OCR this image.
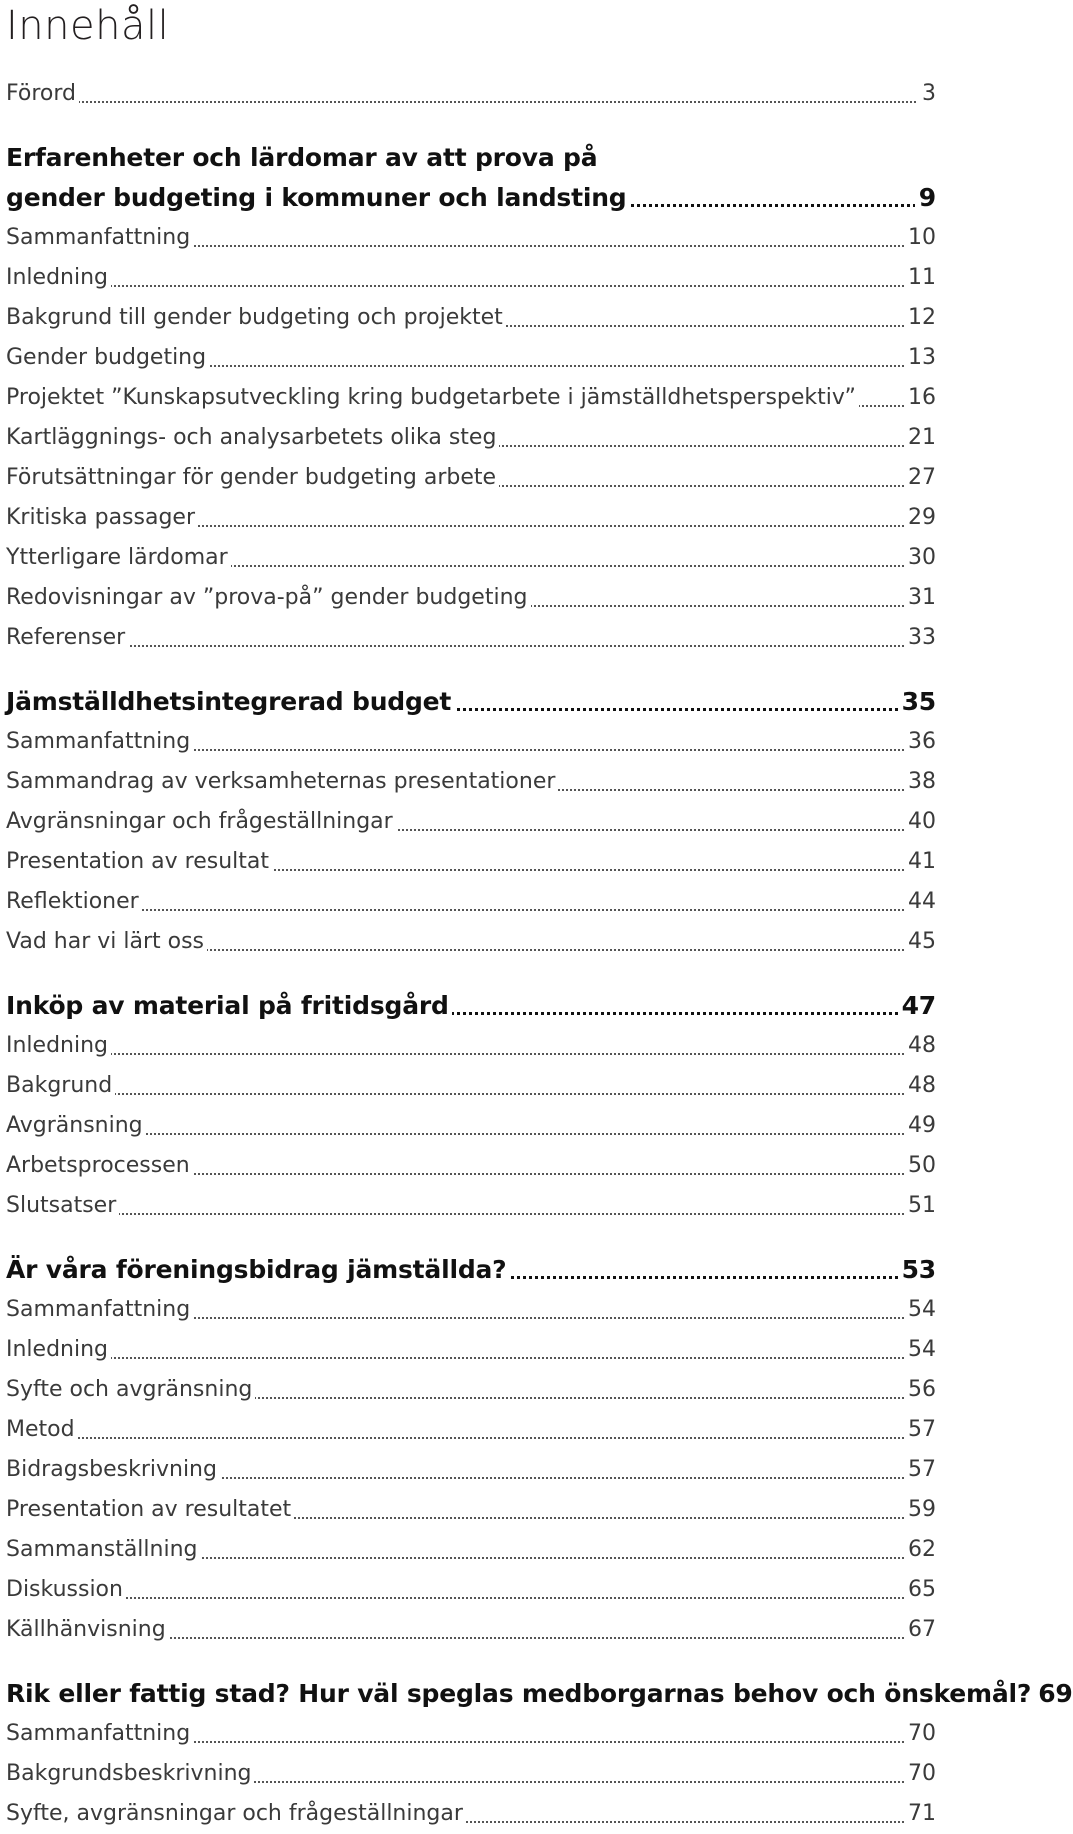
Innehåll
Förord	3
Erfarenheter och lärdomar av att prova på
gender budgeting i kommuner och landsting	9
Sammanfattning	10
Inledning	11
Bakgrund till gender budgeting och projektet	12
Gender budgeting	13
Projektet ”Kunskapsutveckling kring budgetarbete i jämställdhetsperspektiv” 16
Kartläggnings- och analysarbetets olika steg	21
Förutsättningar för gender budgeting arbete	27
Kritiska passager	29
Ytterligare lärdomar	30
Redovisningar av ”prova-på” gender budgeting	31
Referenser	33
Jämställdhetsintegrerad budget	35
Sammanfattning	36
Sammandrag av verksamheternas presentationer	38
Avgränsningar och frågeställningar	40
Presentation av resultat	41
Reflektioner	44
Vad har vi lärt oss	45
Inköp av material på fritidsgård	47
Inledning	48
Bakgrund	48
Avgränsning	49
Arbetsprocessen	50
Slutsatser	51
Är våra föreningsbidrag jämställda?	53
Sammanfattning	54
Inledning	54
Syfte och avgränsning	56
Metod	57
Bidragsbeskrivning	57
Presentation av resultatet	59
Sammanställning	62
Diskussion	65
Källhänvisning	67
Rik eller fattig stad? Hur väl speglas medborgarnas behov och önskemål? 69
Sammanfattning	70
Bakgrundsbeskrivning	70
Syfte, avgränsningar och frågeställningar	71
